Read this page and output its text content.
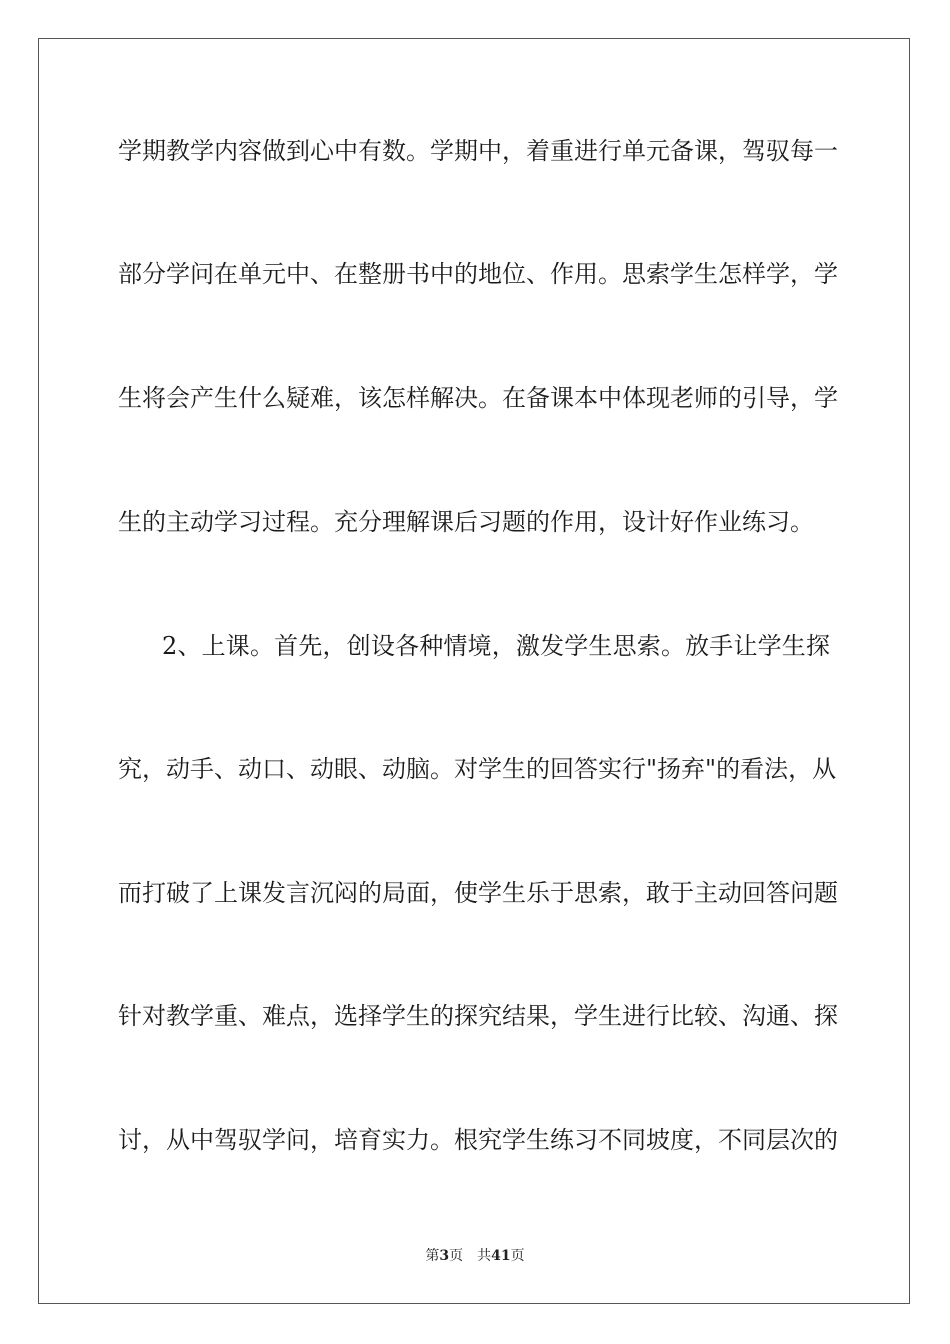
学期教学内容做到心中有数。学期中，着重进行单元备课，驾驭每一
部分学问在单元中、在整册书中的地位、作用。思索学生怎样学，学
生将会产生什么疑难，该怎样解决。在备课本中体现老师的引导，学
生的主动学习过程。充分理解课后习题的作用，设计好作业练习。
2、上课。首先，创设各种情境，激发学生思索。放手让学生探
究，动手、动口、动眼、动脑。对学生的回答实行"扬弃"的看法，从
而打破了上课发言沉闷的局面，使学生乐于思索，敢于主动回答问题
针对教学重、难点，选择学生的探究结果，学生进行比较、沟通、探
讨，从中驾驭学问，培育实力。根究学生练习不同坡度，不同层次的
第3页 共41页
